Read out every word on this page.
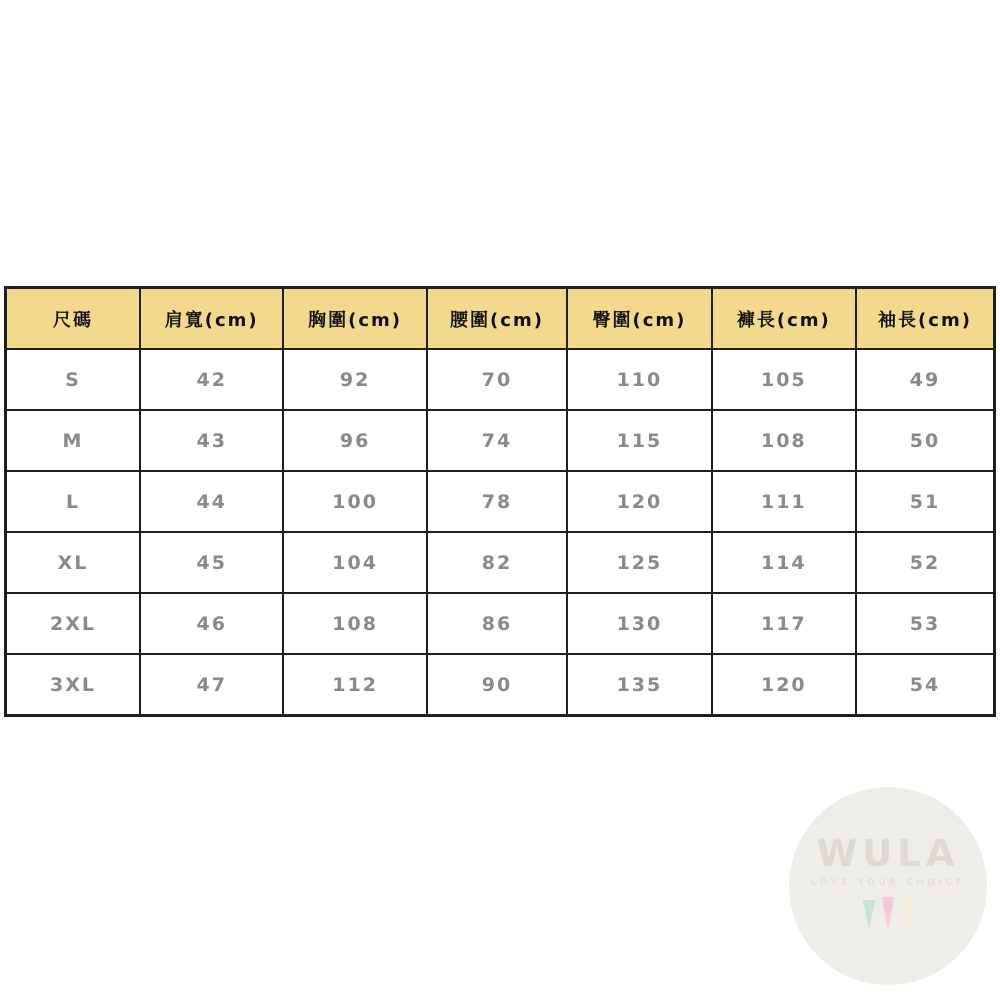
尺碼	肩寬(cm)	胸圍(cm)	腰圍(cm)	臀圍(cm)	褲長(cm)	袖長(cm)
S	42	92	70	110	105	49
M	43	96	74	115	108	50
L	44	100	78	120	111	51
XL	45	104	82	125	114	52
2XL	46	108	86	130	117	53
3XL	47	112	90	135	120	54
WULA
LOVE YOUR CHOICE
